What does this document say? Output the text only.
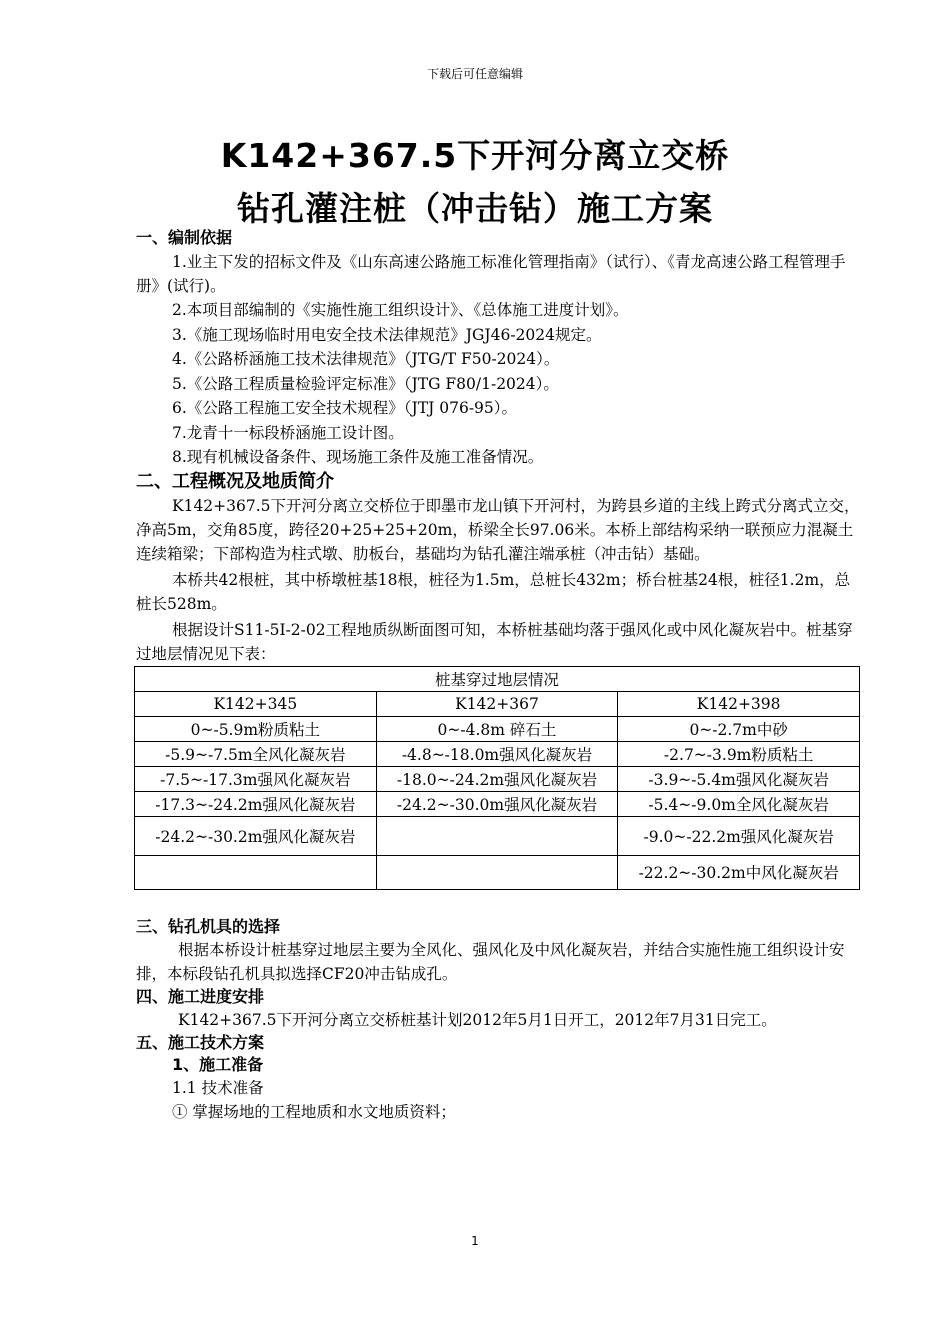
下载后可任意编辑
K142+367.5下开河分离立交桥
钻孔灌注桩（冲击钻）施工方案
一、编制依据
1.业主下发的招标文件及《山东高速公路施工标准化管理指南》（试行）、《青龙高速公路工程管理手册》(试行)。
2.本项目部编制的《实施性施工组织设计》、《总体施工进度计划》。
3.《施工现场临时用电安全技术法律规范》JGJ46-2024规定。
4.《公路桥涵施工技术法律规范》（JTG/T F50-2024）。
5.《公路工程质量检验评定标准》（JTG F80/1-2024）。
6.《公路工程施工安全技术规程》（JTJ 076-95）。
7.龙青十一标段桥涵施工设计图。
8.现有机械设备条件、现场施工条件及施工准备情况。
二、工程概况及地质简介
K142+367.5下开河分离立交桥位于即墨市龙山镇下开河村，为跨县乡道的主线上跨式分离式立交，净高5m，交角85度，跨径20+25+25+20m，桥梁全长97.06米。本桥上部结构采纳一联预应力混凝土连续箱梁；下部构造为柱式墩、肋板台，基础均为钻孔灌注端承桩（冲击钻）基础。
本桥共42根桩，其中桥墩桩基18根，桩径为1.5m，总桩长432m；桥台桩基24根，桩径1.2m，总桩长528m。
根据设计S11-5I-2-02工程地质纵断面图可知，本桥桩基础均落于强风化或中风化凝灰岩中。桩基穿过地层情况见下表：
桩基穿过地层情况		
K142+345	K142+367	K142+398
0~-5.9m粉质粘土	0~-4.8m 碎石土	0~-2.7m中砂
-5.9~-7.5m全风化凝灰岩	-4.8~-18.0m强风化凝灰岩	-2.7~-3.9m粉质粘土
-7.5~-17.3m强风化凝灰岩	-18.0~-24.2m强风化凝灰岩	-3.9~-5.4m强风化凝灰岩
-17.3~-24.2m强风化凝灰岩	-24.2~-30.0m强风化凝灰岩	-5.4~-9.0m全风化凝灰岩
-24.2~-30.2m强风化凝灰岩		-9.0~-22.2m强风化凝灰岩
		-22.2~-30.2m中风化凝灰岩
三、钻孔机具的选择
根据本桥设计桩基穿过地层主要为全风化、强风化及中风化凝灰岩，并结合实施性施工组织设计安排，本标段钻孔机具拟选择CF20冲击钻成孔。
四、施工进度安排
K142+367.5下开河分离立交桥桩基计划2012年5月1日开工，2012年7月31日完工。
五、施工技术方案
1、施工准备
1.1 技术准备
① 掌握场地的工程地质和水文地质资料；
1
